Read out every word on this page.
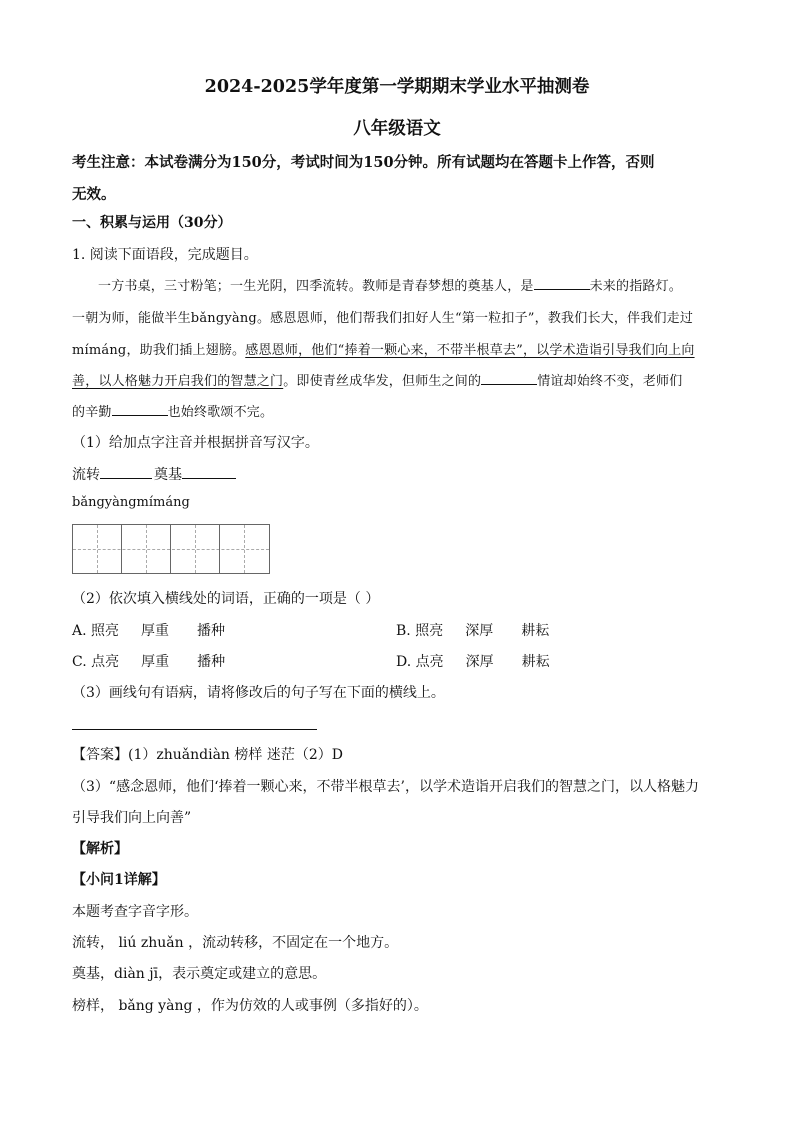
2024-2025学年度第一学期期末学业水平抽测卷
八年级语文
考生注意：本试卷满分为150分，考试时间为150分钟。所有试题均在答题卡上作答，否则
无效。
一、积累与运用（30分）
1. 阅读下面语段，完成题目。
一方书桌，三寸粉笔；一生光阴，四季流转。教师是青春梦想的奠基人，是	未来的指路灯。
一朝为师，能做半生bǎngyàng。感恩恩师，他们帮我们扣好人生“第一粒扣子”，教我们长大，伴我们走过
mímáng，助我们插上翅膀。感恩恩师，他们“捧着一颗心来，不带半根草去”，以学术造诣引导我们向上向
善，以人格魅力开启我们的智慧之门。即使青丝成华发，但师生之间的	情谊却始终不变，老师们
的辛勤	也始终歌颂不完。
（1）给加点字注音并根据拼音写汉字。
流转	奠基
bǎngyàngmímáng
（2）依次填入横线处的词语，正确的一项是（ ）
A. 照亮 厚重 播种	B. 照亮 深厚 耕耘
C. 点亮 厚重 播种	D. 点亮 深厚 耕耘
（3）画线句有语病，请将修改后的句子写在下面的横线上。
【答案】(1）zhuǎndiàn 榜样 迷茫（2）D
（3）“感念恩师，他们‘捧着一颗心来，不带半根草去’，以学术造诣开启我们的智慧之门，以人格魅力
引导我们向上向善”
【解析】
【小问1详解】
本题考查字音字形。
流转， liú zhuǎn ，流动转移，不固定在一个地方。
奠基，diàn jī，表示奠定或建立的意思。
榜样， bǎng yàng ，作为仿效的人或事例（多指好的）。
